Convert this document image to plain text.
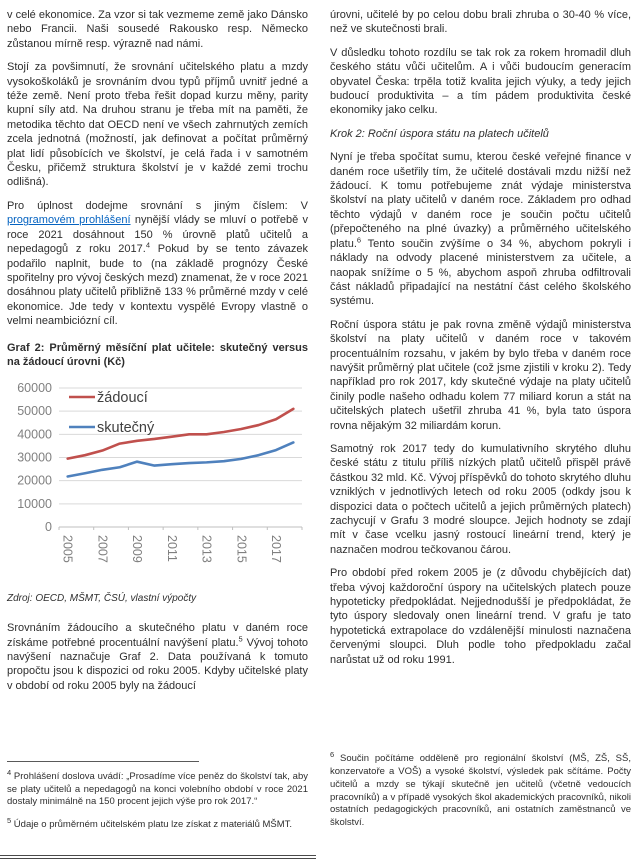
v celé ekonomice. Za vzor si tak vezmeme země jako Dánsko nebo Francii. Naši sousedé Rakousko resp. Německo zůstanou mírně resp. výrazně nad námi.

Stojí za povšimnutí, že srovnání učitelského platu a mzdy vysokoškoláků je srovnáním dvou typů příjmů uvnitř jedné a téže země. Není proto třeba řešit dopad kurzu měny, parity kupní síly atd. Na druhou stranu je třeba mít na paměti, že metodika těchto dat OECD není ve všech zahrnutých zemích zcela jednotná (možností, jak definovat a počítat průměrný plat lidí působících ve školství, je celá řada i v samotném Česku, přičemž struktura školství je v každé zemi trochu odlišná).

Pro úplnost dodejme srovnání s jiným číslem: V programovém prohlášení nynější vlády se mluví o potřebě v roce 2021 dosáhnout 150 % úrovně platů učitelů a nepedagogů z roku 2017.$^4$ Pokud by se tento závazek podařilo naplnit, bude to (na základě prognózy České spořitelny pro vývoj českých mezd) znamenat, že v roce 2021 dosáhnou platy učitelů přibližně 133 % průměrné mzdy v celé ekonomice. Jde tedy v kontextu vyspělé Evropy vlastně o velmi neambiciózní cíl.

Graf 2: Průměrný měsíční plat učitele: skutečný versus na žádoucí úrovni (Kč)
0
10000
20000
30000
40000
50000
60000
2005 2007 2009 2011 2013 2015 2017
žádoucí
skutečný
Zdroj: OECD, MŠMT, ČSÚ, vlastní výpočty

Srovnáním žádoucího a skutečného platu v daném roce získáme potřebné procentuální navýšení platu.$^5$ Vývoj tohoto navýšení naznačuje Graf 2. Data používaná k tomuto propočtu jsou k dispozici od roku 2005. Kdyby učitelské platy v období od roku 2005 byly na žádoucí

$^4$ Prohlášení doslova uvádí: „Prosadíme více peněz do školství tak, aby se platy učitelů a nepedagogů na konci volebního období v roce 2021 dostaly minimálně na 150 procent jejich výše pro rok 2017.“

$^5$ Údaje o průměrném učitelském platu lze získat z materiálů MŠMT.

úrovni, učitelé by po celou dobu brali zhruba o 30-40 % více, než ve skutečnosti brali.

V důsledku tohoto rozdílu se tak rok za rokem hromadil dluh českého státu vůči učitelům. A i vůči budoucím generacím obyvatel Česka: trpěla totiž kvalita jejich výuky, a tedy jejich budoucí produktivita – a tím pádem produktivita české ekonomiky jako celku.

Krok 2: Roční úspora státu na platech učitelů

Nyní je třeba spočítat sumu, kterou české veřejné finance v daném roce ušetřily tím, že učitelé dostávali mzdu nižší než žádoucí. K tomu potřebujeme znát výdaje ministerstva školství na platy učitelů v daném roce. Základem pro odhad těchto výdajů v daném roce je součin počtu učitelů (přepočteného na plné úvazky) a průměrného učitelského platu.$^6$ Tento součin zvýšíme o 34 %, abychom pokryli i náklady na odvody placené ministerstvem za učitele, a naopak snížíme o 5 %, abychom aspoň zhruba odfiltrovali část nákladů připadající na nestátní část celého školského systému.

Roční úspora státu je pak rovna změně výdajů ministerstva školství na platy učitelů v daném roce v takovém procentuálním rozsahu, v jakém by bylo třeba v daném roce navýšit průměrný plat učitele (což jsme zjistili v kroku 2). Tedy například pro rok 2017, kdy skutečné výdaje na platy učitelů činily podle našeho odhadu kolem 77 miliard korun a stát na učitelských platech ušetřil zhruba 41 %, byla tato úspora rovna nějakým 32 miliardám korun.

Samotný rok 2017 tedy do kumulativního skrytého dluhu české státu z titulu příliš nízkých platů učitelů přispěl právě částkou 32 mld. Kč. Vývoj příspěvků do tohoto skrytého dluhu vzniklých v jednotlivých letech od roku 2005 (odkdy jsou k dispozici data o počtech učitelů a jejich průměrných platech) zachycují v Grafu 3 modré sloupce. Jejich hodnoty se zdají mít v čase vcelku jasný rostoucí lineární trend, který je naznačen modrou tečkovanou čárou.

Pro období před rokem 2005 je (z důvodu chybějících dat) třeba vývoj každoroční úspory na učitelských platech pouze hypoteticky předpokládat. Nejjednodušší je předpokládat, že tyto úspory sledovaly onen lineární trend. V grafu je tato hypotetická extrapolace do vzdálenější minulosti naznačena červenými sloupci. Dluh podle toho předpokladu začal narůstat už od roku 1991.

$^6$ Součin počítáme odděleně pro regionální školství (MŠ, ZŠ, SŠ, konzervatoře a VOŠ) a vysoké školství, výsledek pak sčítáme. Počty učitelů a mzdy se týkají skutečně jen učitelů (včetně vedoucích pracovníků) a v případě vysokých škol akademických pracovníků, nikoli ostatních pedagogických pracovníků, ani ostatních zaměstnanců ve školství.
